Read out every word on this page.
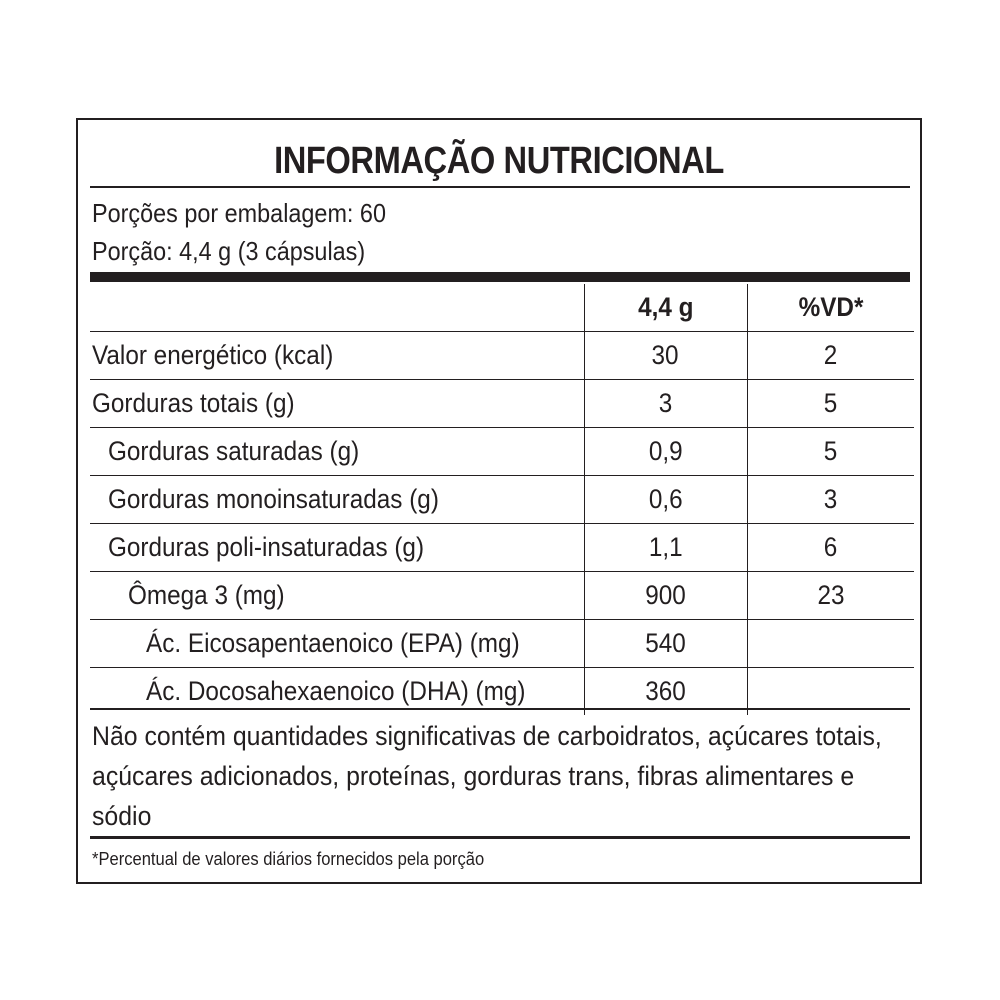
INFORMAÇÃO NUTRICIONAL
Porções por embalagem: 60
Porção: 4,4 g (3 cápsulas)
	4,4 g	%VD*
Valor energético (kcal)	30	2
Gorduras totais (g)	3	5
Gorduras saturadas (g)	0,9	5
Gorduras monoinsaturadas (g)	0,6	3
Gorduras poli-insaturadas (g)	1,1	6
Ômega 3 (mg)	900	23
Ác. Eicosapentaenoico (EPA) (mg)	540	
Ác. Docosahexaenoico (DHA) (mg)	360	
Não contém quantidades significativas de carboidratos, açúcares totais, açúcares adicionados, proteínas, gorduras trans, fibras alimentares e sódio
*Percentual de valores diários fornecidos pela porção
